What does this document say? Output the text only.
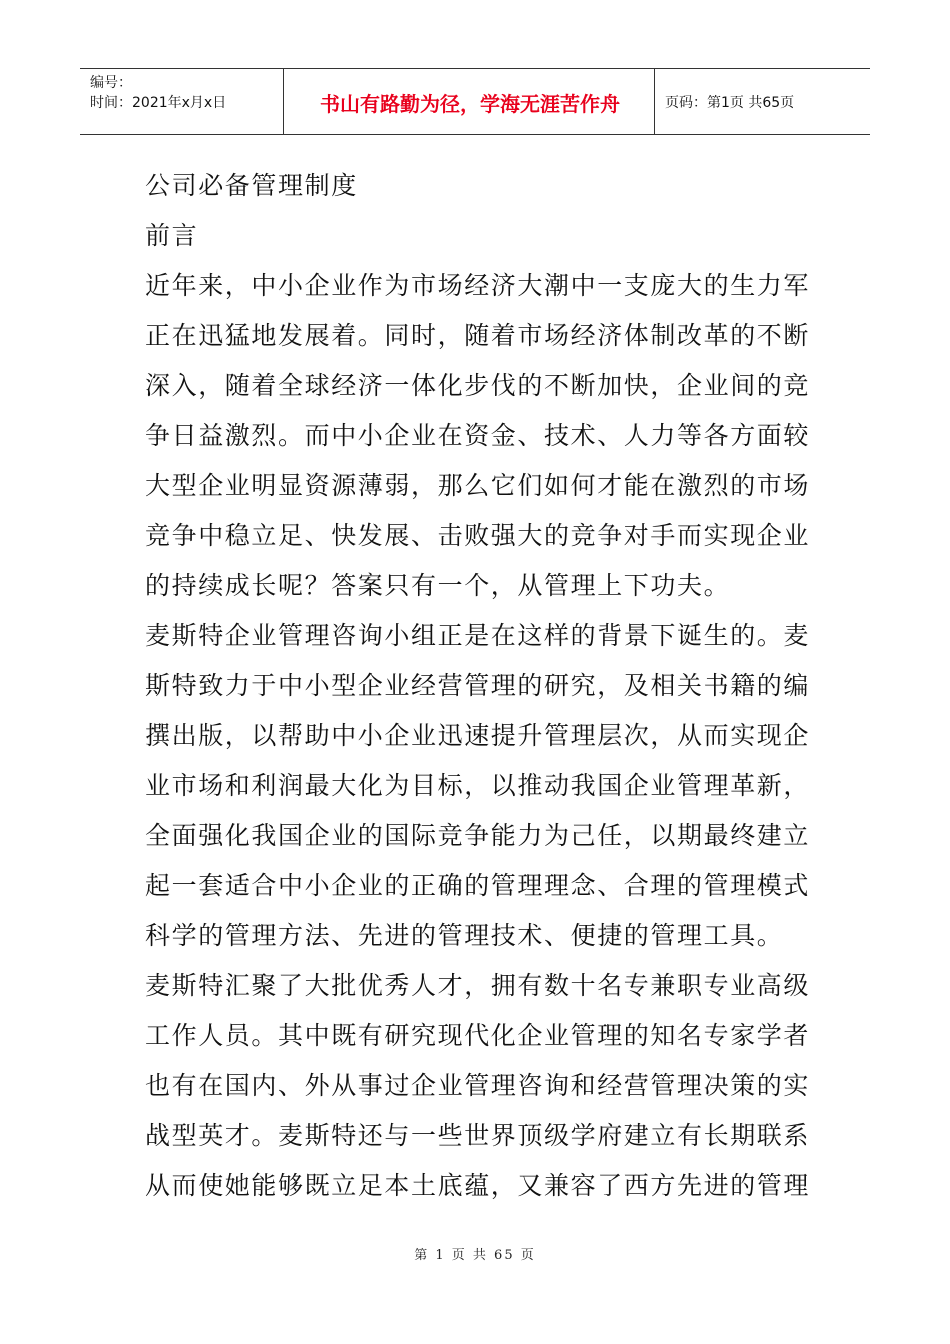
编号：
时间：2021年x月x日	书山有路勤为径，学海无涯苦作舟	页码：第1页 共65页

公司必备管理制度

前言

近年来，中小企业作为市场经济大潮中一支庞大的生力军正在迅猛地发展着。同时，随着市场经济体制改革的不断深入，随着全球经济一体化步伐的不断加快，企业间的竞争日益激烈。而中小企业在资金、技术、人力等各方面较大型企业明显资源薄弱，那么它们如何才能在激烈的市场竞争中稳立足、快发展、击败强大的竞争对手而实现企业的持续成长呢？答案只有一个，从管理上下功夫。

麦斯特企业管理咨询小组正是在这样的背景下诞生的。麦斯特致力于中小型企业经营管理的研究，及相关书籍的编撰出版，以帮助中小企业迅速提升管理层次，从而实现企业市场和利润最大化为目标，以推动我国企业管理革新，全面强化我国企业的国际竞争能力为己任，以期最终建立起一套适合中小企业的正确的管理理念、合理的管理模式科学的管理方法、先进的管理技术、便捷的管理工具。

麦斯特汇聚了大批优秀人才，拥有数十名专兼职专业高级工作人员。其中既有研究现代化企业管理的知名专家学者也有在国内、外从事过企业管理咨询和经营管理决策的实战型英才。麦斯特还与一些世界顶级学府建立有长期联系从而使她能够既立足本土底蕴，又兼容了西方先进的管理

第 1 页 共 65 页
